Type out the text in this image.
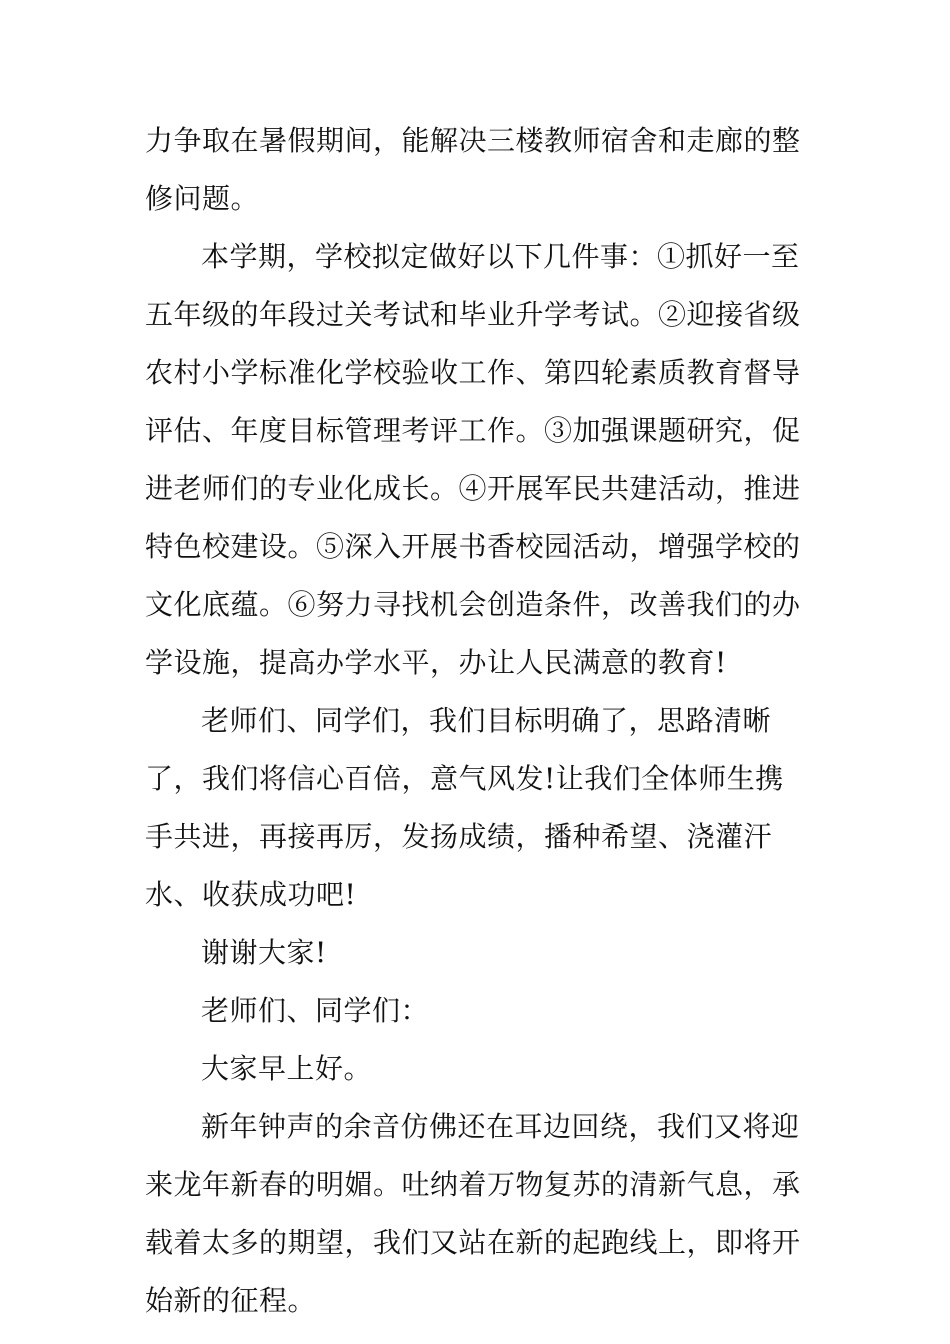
力争取在暑假期间，能解决三楼教师宿舍和走廊的整修问题。

本学期，学校拟定做好以下几件事：①抓好一至五年级的年段过关考试和毕业升学考试。②迎接省级农村小学标准化学校验收工作、第四轮素质教育督导评估、年度目标管理考评工作。③加强课题研究，促进老师们的专业化成长。④开展军民共建活动，推进特色校建设。⑤深入开展书香校园活动，增强学校的文化底蕴。⑥努力寻找机会创造条件，改善我们的办学设施，提高办学水平，办让人民满意的教育!

老师们、同学们，我们目标明确了，思路清晰了，我们将信心百倍，意气风发!让我们全体师生携手共进，再接再厉，发扬成绩，播种希望、浇灌汗水、收获成功吧!

谢谢大家!

老师们、同学们：

大家早上好。

新年钟声的余音仿佛还在耳边回绕，我们又将迎来龙年新春的明媚。吐纳着万物复苏的清新气息，承载着太多的期望，我们又站在新的起跑线上，即将开始新的征程。
